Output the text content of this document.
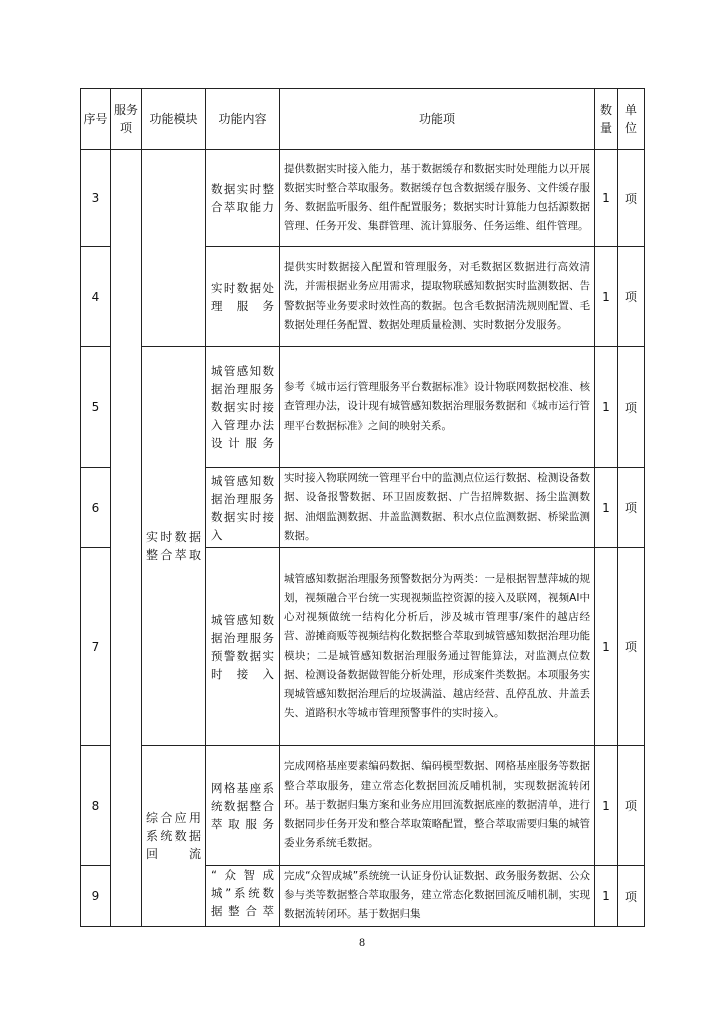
序号	服务项	功能模块	功能内容	功能项	数量	单位
3			数据实时整合萃取能力	提供数据实时接入能力，基于数据缓存和数据实时处理能力以开展数据实时整合萃取服务。数据缓存包含数据缓存服务、文件缓存服务、数据监听服务、组件配置服务；数据实时计算能力包括源数据管理、任务开发、集群管理、流计算服务、任务运维、组件管理。	1	项
4			实时数据处理服务	提供实时数据接入配置和管理服务，对毛数据区数据进行高效清洗，并需根据业务应用需求，提取物联感知数据实时监测数据、告警数据等业务要求时效性高的数据。包含毛数据清洗规则配置、毛数据处理任务配置、数据处理质量检测、实时数据分发服务。	1	项
5		实时数据整合萃取	城管感知数据治理服务数据实时接入管理办法设计服务	参考《城市运行管理服务平台数据标准》设计物联网数据校准、核查管理办法，设计现有城管感知数据治理服务数据和《城市运行管理平台数据标准》之间的映射关系。	1	项
6			城管感知数据治理服务数据实时接入	实时接入物联网统一管理平台中的监测点位运行数据、检测设备数据、设备报警数据、环卫固废数据、广告招牌数据、扬尘监测数据、油烟监测数据、井盖监测数据、积水点位监测数据、桥梁监测数据。	1	项
7			城管感知数据治理服务预警数据实时接入	城管感知数据治理服务预警数据分为两类：一是根据智慧萍城的规划，视频融合平台统一实现视频监控资源的接入及联网，视频AI中心对视频做统一结构化分析后，涉及城市管理事/案件的越店经营、游摊商贩等视频结构化数据整合萃取到城管感知数据治理功能模块；二是城管感知数据治理服务通过智能算法，对监测点位数据、检测设备数据做智能分析处理，形成案件类数据。本项服务实现城管感知数据治理后的垃圾满溢、越店经营、乱停乱放、井盖丢失、道路积水等城市管理预警事件的实时接入。	1	项
8		综合应用系统数据回流	网格基座系统数据整合萃取服务	完成网格基座要素编码数据、编码模型数据、网格基座服务等数据整合萃取服务，建立常态化数据回流反哺机制，实现数据流转闭环。基于数据归集方案和业务应用回流数据底座的数据清单，进行数据同步任务开发和整合萃取策略配置，整合萃取需要归集的城管委业务系统毛数据。	1	项
9			“众智成城”系统数据整合萃	完成“众智成城”系统统一认证身份认证数据、政务服务数据、公众参与类等数据整合萃取服务，建立常态化数据回流反哺机制，实现数据流转闭环。基于数据归集	1	项
8
